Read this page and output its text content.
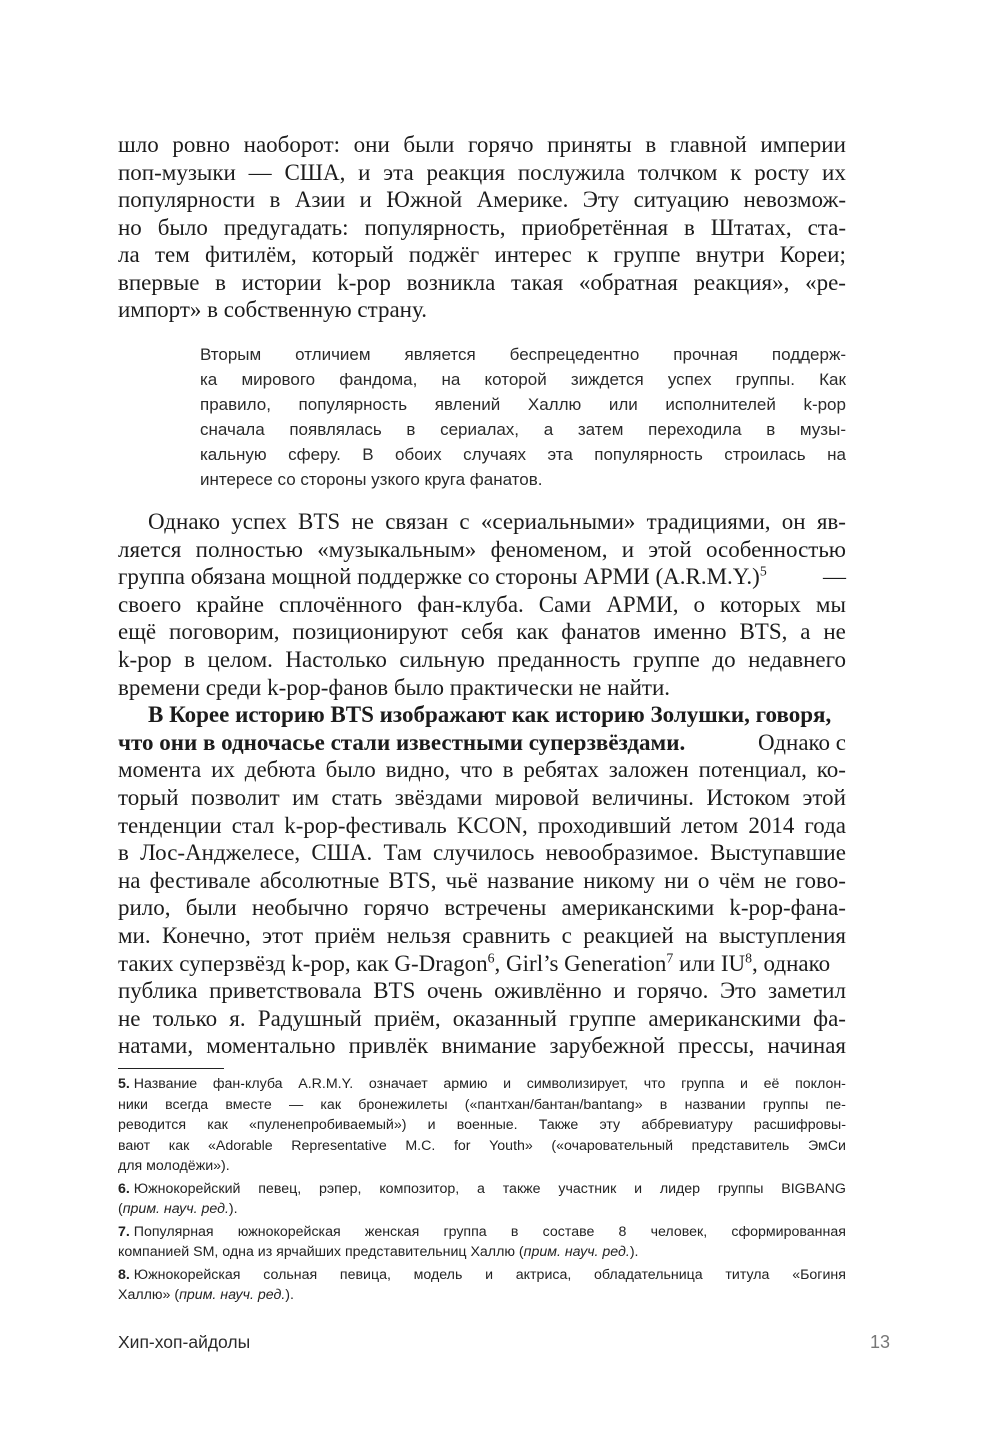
шло ровно наоборот: они были горячо приняты в главной империи
поп-музыки — США, и эта реакция послужила толчком к росту их
популярности в Азии и Южной Америке. Эту ситуацию невозмож-
но было предугадать: популярность, приобретённая в Штатах, ста-
ла тем фитилём, который поджёг интерес к группе внутри Кореи;
впервые в истории k-pop возникла такая «обратная реакция», «ре-
импорт» в собственную страну.
Вторым отличием является беспрецедентно прочная поддерж-
ка мирового фандома, на которой зиждется успех группы. Как
правило, популярность явлений Халлю или исполнителей k-pop
сначала появлялась в сериалах, а затем переходила в музы-
кальную сферу. В обоих случаях эта популярность строилась на
интересе со стороны узкого круга фанатов.
Однако успех BTS не связан с «сериальными» традициями, он яв-
ляется полностью «музыкальным» феноменом, и этой особенностью
группа обязана мощной поддержке со стороны АРМИ $(A.R.M.Y.)^5$ —
своего крайне сплочённого фан-клуба. Сами АРМИ, о которых мы
ещё поговорим, позиционируют себя как фанатов именно BTS, а не
k-pop в целом. Настолько сильную преданность группе до недавнего
времени среди k-pop-фанов было практически не найти.
В Корее историю BTS изображают как историю Золушки, говоря,
что они в одночасье стали известными суперзвёздами.	Однако с
момента их дебюта было видно, что в ребятах заложен потенциал, ко-
торый позволит им стать звёздами мировой величины. Истоком этой
тенденции стал k-pop-фестиваль KCON, проходивший летом 2014 года
в Лос-Анджелесе, США. Там случилось невообразимое. Выступавшие
на фестивале абсолютные BTS, чьё название никому ни о чём не гово-
рило, были необычно горячо встречены американскими k-pop-фана-
ми. Конечно, этот приём нельзя сравнить с реакцией на выступления
таких суперзвёзд k-pop, как G-Dragon$^6$, Girl’s Generation$^7$ или $IU^8$, однако
публика приветствовала BTS очень оживлённо и горячо. Это заметил
не только я. Радушный приём, оказанный группе американскими фа-
натами, моментально привлёк внимание зарубежной прессы, начиная
5. Название фан-клуба A.R.M.Y. означает армию и символизирует, что группа и её поклон-
ники всегда вместе — как бронежилеты («пантхан/бантан/bantang» в названии группы пе-
реводится как «пуленепробиваемый») и военные. Также эту аббревиатуру расшифровы-
вают как «Adorable Representative M.C. for Youth» («очаровательный представитель ЭмСи
для молодёжи»).
6. Южнокорейский певец, рэпер, композитор, а также участник и лидер группы BIGBANG
(прим. науч. ред.).
7. Популярная южнокорейская женская группа в составе 8 человек, сформированная
компанией SM, одна из ярчайших представительниц Халлю (прим. науч. ред.).
8. Южнокорейская сольная певица, модель и актриса, обладательница титула «Богиня
Халлю» (прим. науч. ред.).
Хип-хоп-айдолы	13
